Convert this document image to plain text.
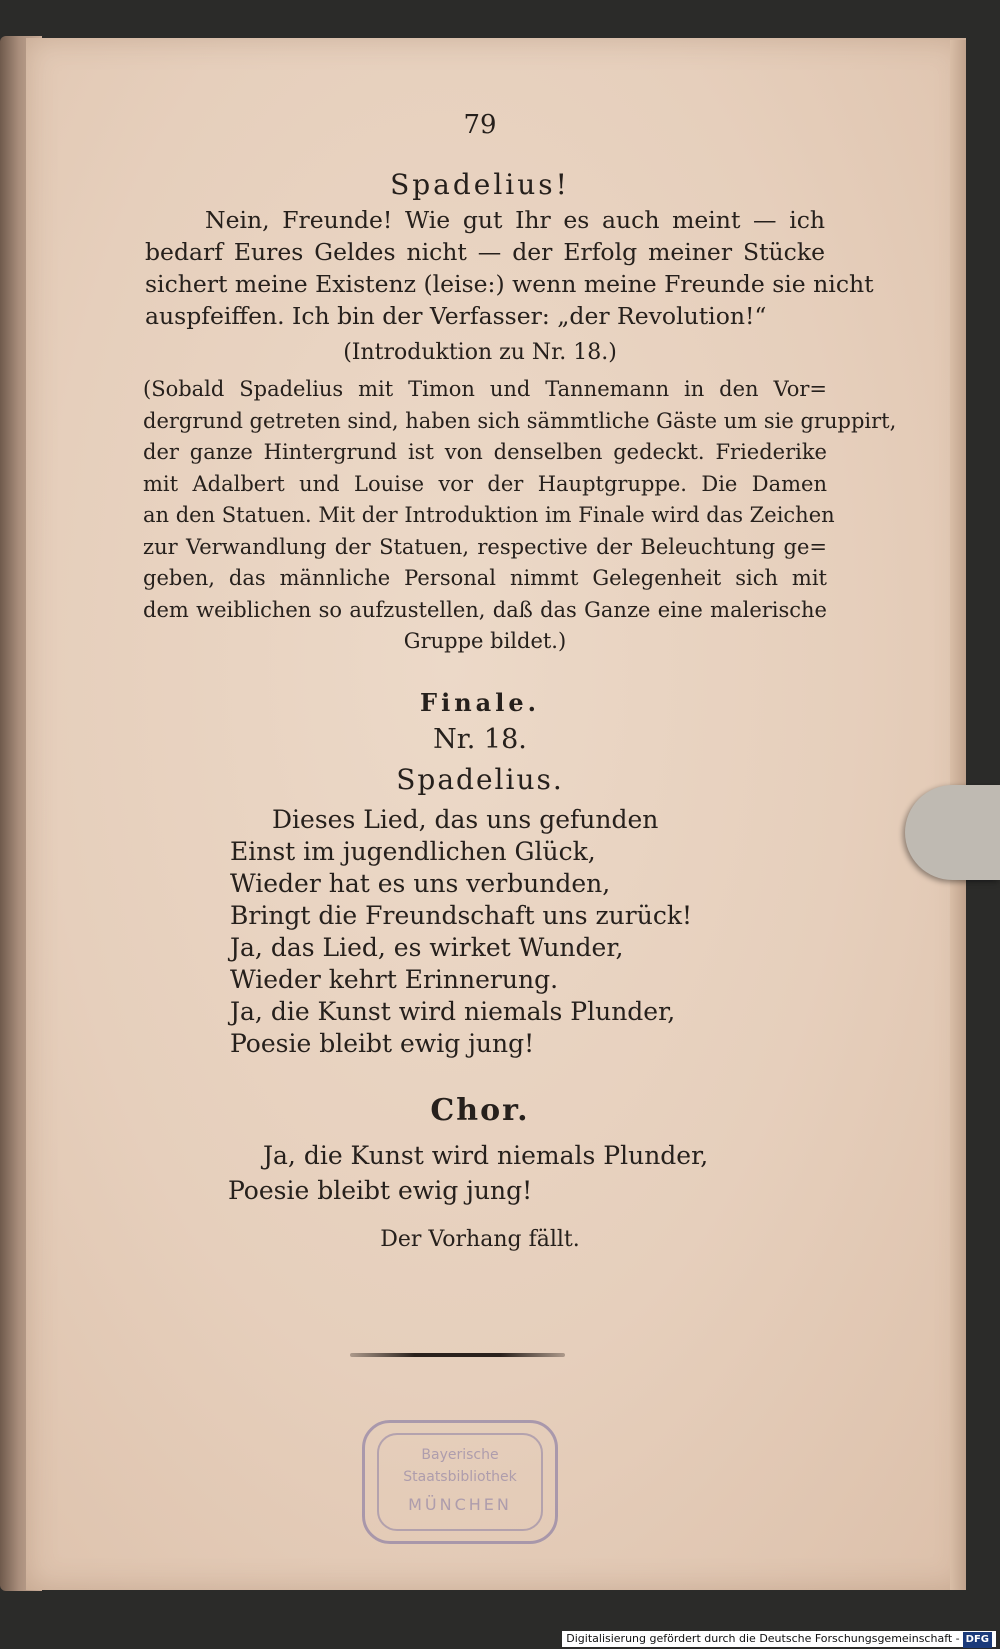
79
Spadelius!
Nein, Freunde! Wie gut Ihr es auch meint — ich
bedarf Eures Geldes nicht — der Erfolg meiner Stücke
sichert meine Existenz (leise:) wenn meine Freunde sie nicht
auspfeiffen. Ich bin der Verfasser: „der Revolution!“
(Introduktion zu Nr. 18.)
(Sobald Spadelius mit Timon und Tannemann in den Vor=
dergrund getreten sind, haben sich sämmtliche Gäste um sie gruppirt,
der ganze Hintergrund ist von denselben gedeckt. Friederike
mit Adalbert und Louise vor der Hauptgruppe. Die Damen
an den Statuen. Mit der Introduktion im Finale wird das Zeichen
zur Verwandlung der Statuen, respective der Beleuchtung ge=
geben, das männliche Personal nimmt Gelegenheit sich mit
dem weiblichen so aufzustellen, daß das Ganze eine malerische
Gruppe bildet.)
Finale.
Nr. 18.
Spadelius.
Dieses Lied, das uns gefunden
Einst im jugendlichen Glück,
Wieder hat es uns verbunden,
Bringt die Freundschaft uns zurück!
Ja, das Lied, es wirket Wunder,
Wieder kehrt Erinnerung.
Ja, die Kunst wird niemals Plunder,
Poesie bleibt ewig jung!
Chor.
Ja, die Kunst wird niemals Plunder,
Poesie bleibt ewig jung!
Der Vorhang fällt.
Bayerische
Staatsbibliothek
MÜNCHEN
Digitalisierung gefördert durch die Deutsche Forschungsgemeinschaft - DFG
